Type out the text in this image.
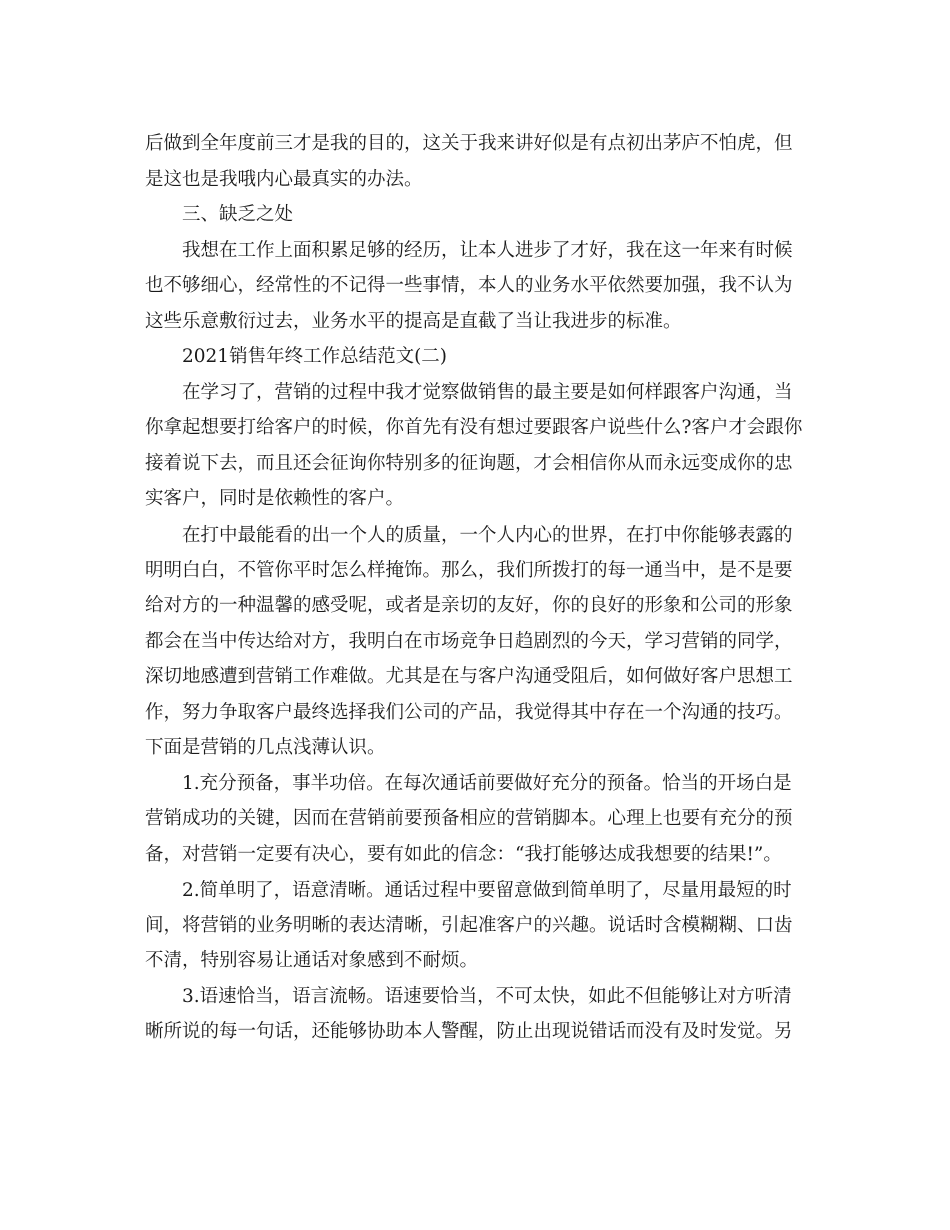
后做到全年度前三才是我的目的，这关于我来讲好似是有点初出茅庐不怕虎，但
是这也是我哦内心最真实的办法。
三、缺乏之处
我想在工作上面积累足够的经历，让本人进步了才好，我在这一年来有时候
也不够细心，经常性的不记得一些事情，本人的业务水平依然要加强，我不认为
这些乐意敷衍过去，业务水平的提高是直截了当让我进步的标准。
2021销售年终工作总结范文(二)
在学习了，营销的过程中我才觉察做销售的最主要是如何样跟客户沟通，当
你拿起想要打给客户的时候，你首先有没有想过要跟客户说些什么?客户才会跟你
接着说下去，而且还会征询你特别多的征询题，才会相信你从而永远变成你的忠
实客户，同时是依赖性的客户。
在打中最能看的出一个人的质量，一个人内心的世界，在打中你能够表露的
明明白白，不管你平时怎么样掩饰。那么，我们所拨打的每一通当中，是不是要
给对方的一种温馨的感受呢，或者是亲切的友好，你的良好的形象和公司的形象
都会在当中传达给对方，我明白在市场竞争日趋剧烈的今天，学习营销的同学，
深切地感遭到营销工作难做。尤其是在与客户沟通受阻后，如何做好客户思想工
作，努力争取客户最终选择我们公司的产品，我觉得其中存在一个沟通的技巧。
下面是营销的几点浅薄认识。
1.充分预备，事半功倍。在每次通话前要做好充分的预备。恰当的开场白是
营销成功的关键，因而在营销前要预备相应的营销脚本。心理上也要有充分的预
备，对营销一定要有决心，要有如此的信念：“我打能够达成我想要的结果!”。
2.简单明了，语意清晰。通话过程中要留意做到简单明了，尽量用最短的时
间，将营销的业务明晰的表达清晰，引起准客户的兴趣。说话时含模糊糊、口齿
不清，特别容易让通话对象感到不耐烦。
3.语速恰当，语言流畅。语速要恰当，不可太快，如此不但能够让对方听清
晰所说的每一句话，还能够协助本人警醒，防止出现说错话而没有及时发觉。另
